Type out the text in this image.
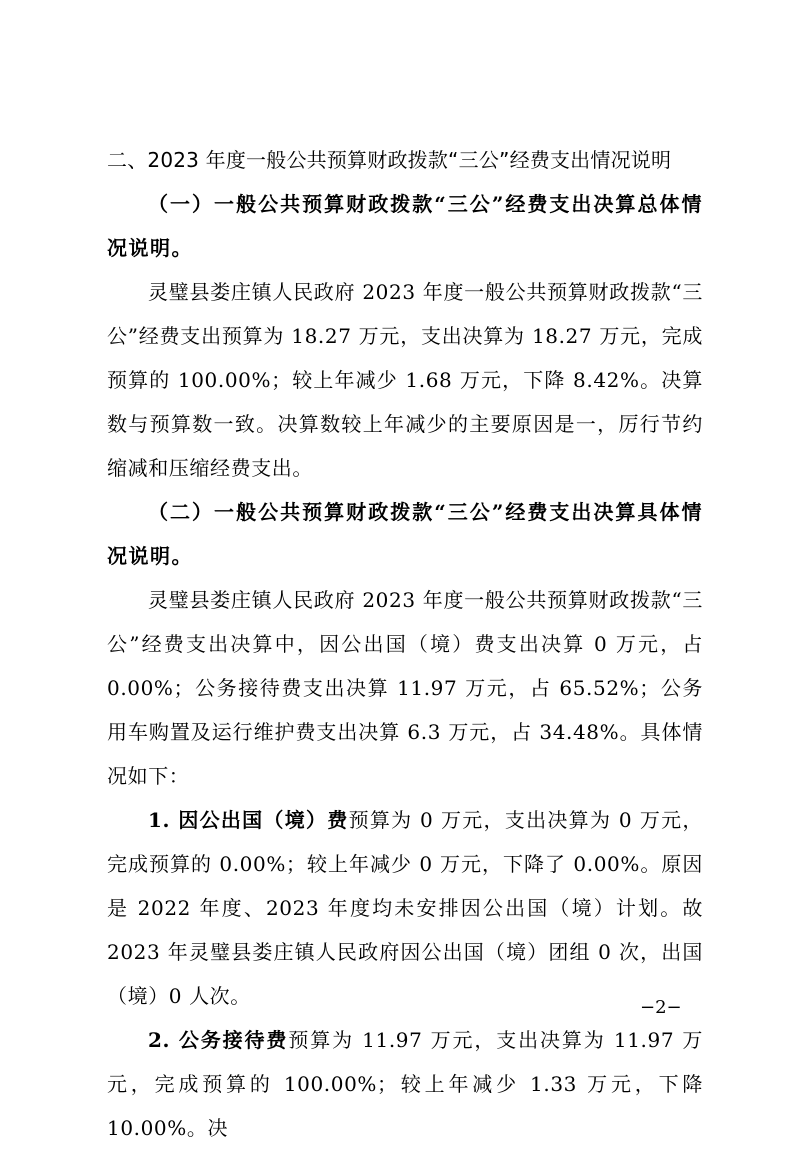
二、2023 年度一般公共预算财政拨款“三公”经费支出情况说明

（一）一般公共预算财政拨款“三公”经费支出决算总体情况说明。

灵璧县娄庄镇人民政府 2023 年度一般公共预算财政拨款“三公”经费支出预算为 18.27 万元，支出决算为 18.27 万元，完成预算的 100.00%；较上年减少 1.68 万元，下降 8.42%。决算数与预算数一致。决算数较上年减少的主要原因是一，厉行节约缩减和压缩经费支出。

（二）一般公共预算财政拨款“三公”经费支出决算具体情况说明。

灵璧县娄庄镇人民政府 2023 年度一般公共预算财政拨款“三公”经费支出决算中，因公出国（境）费支出决算 0 万元，占 0.00%；公务接待费支出决算 11.97 万元，占 65.52%；公务用车购置及运行维护费支出决算 6.3 万元，占 34.48%。具体情况如下：

1. 因公出国（境）费预算为 0 万元，支出决算为 0 万元，完成预算的 0.00%；较上年减少 0 万元，下降了 0.00%。原因是 2022 年度、2023 年度均未安排因公出国（境）计划。故 2023 年灵璧县娄庄镇人民政府因公出国（境）团组 0 次，出国（境）0 人次。

2. 公务接待费预算为 11.97 万元，支出决算为 11.97 万元，完成预算的 100.00%；较上年减少 1.33 万元，下降 10.00%。决

−2−
